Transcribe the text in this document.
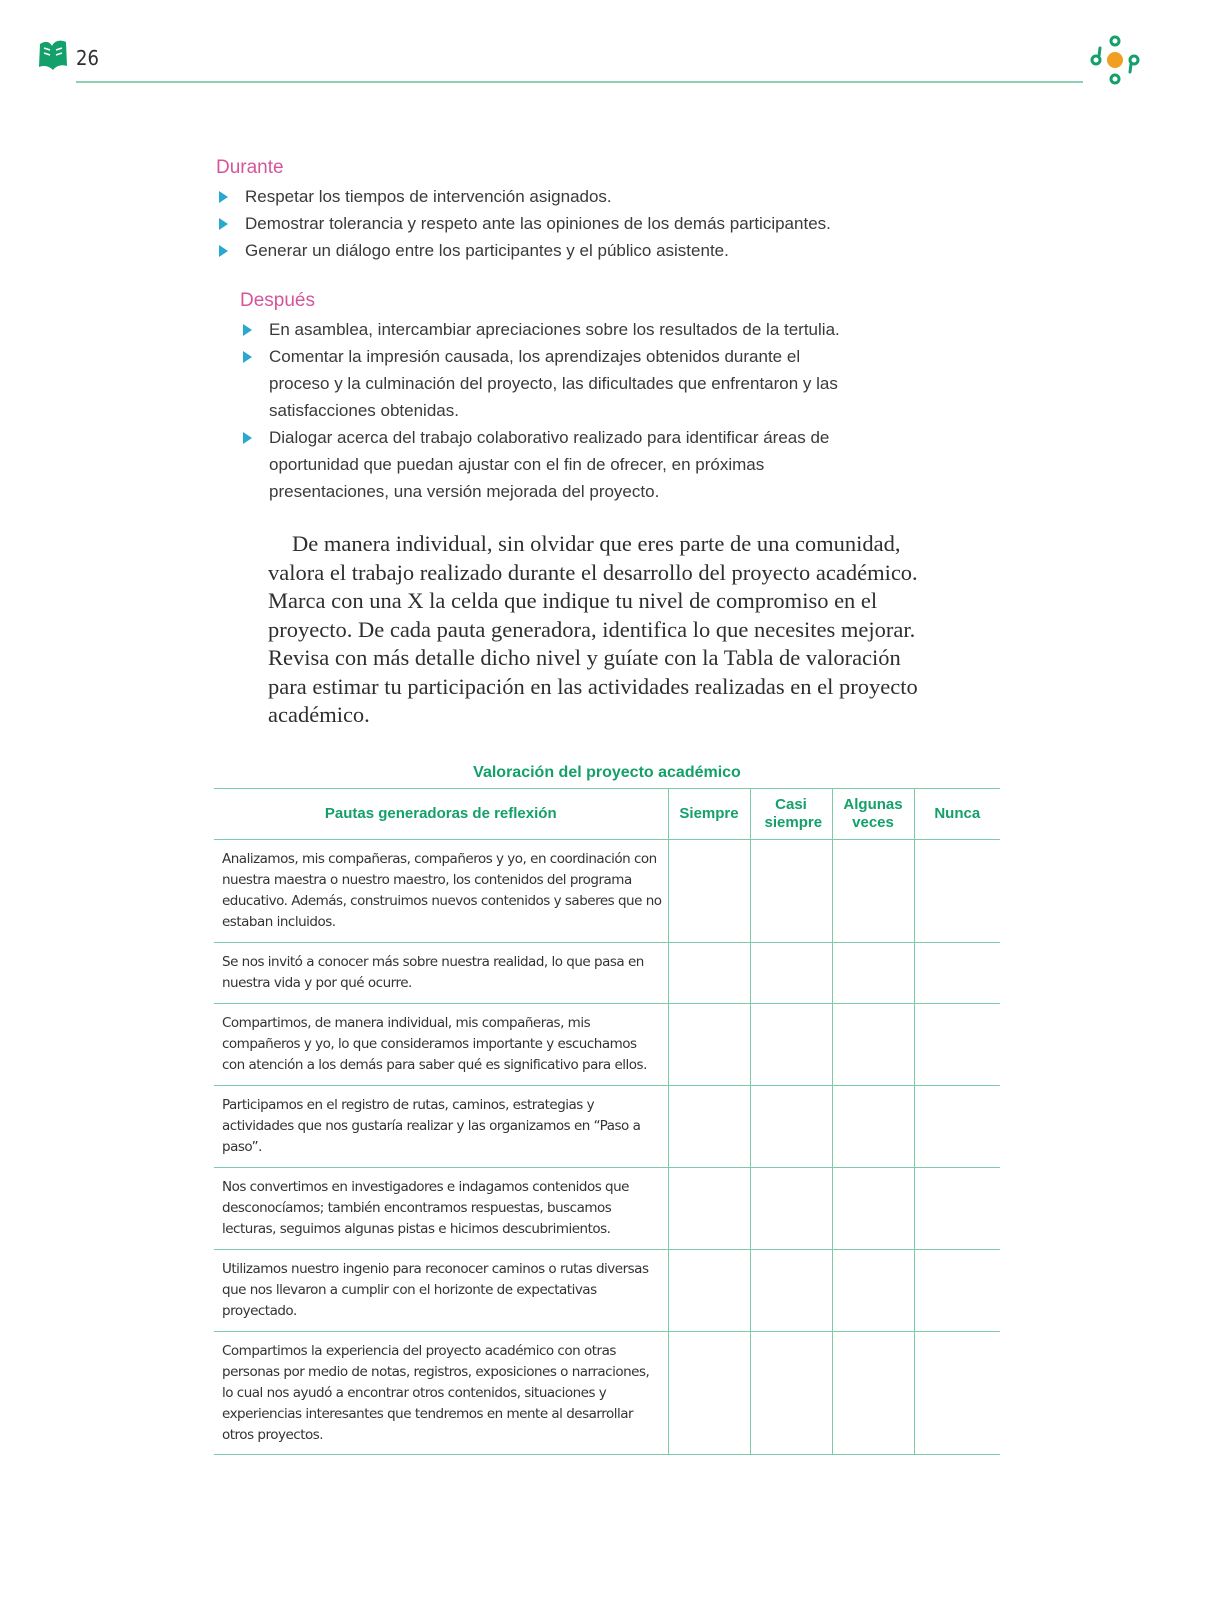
26
Durante
Respetar los tiempos de intervención asignados.
Demostrar tolerancia y respeto ante las opiniones de los demás participantes.
Generar un diálogo entre los participantes y el público asistente.
Después
En asamblea, intercambiar apreciaciones sobre los resultados de la tertulia.
Comentar la impresión causada, los aprendizajes obtenidos durante el proceso y la culminación del proyecto, las dificultades que enfrentaron y las satisfacciones obtenidas.
Dialogar acerca del trabajo colaborativo realizado para identificar áreas de oportunidad que puedan ajustar con el fin de ofrecer, en próximas presentaciones, una versión mejorada del proyecto.

De manera individual, sin olvidar que eres parte de una comunidad, valora el trabajo realizado durante el desarrollo del proyecto académico. Marca con una X la celda que indique tu nivel de compromiso en el proyecto. De cada pauta generadora, identifica lo que necesites mejorar. Revisa con más detalle dicho nivel y guíate con la Tabla de valoración para estimar tu participación en las actividades realizadas en el proyecto académico.

Valoración del proyecto académico
Pautas generadoras de reflexión	Siempre	Casi siempre	Algunas veces	Nunca
Analizamos, mis compañeras, compañeros y yo, en coordinación con nuestra maestra o nuestro maestro, los contenidos del programa educativo. Además, construimos nuevos contenidos y saberes que no estaban incluidos.				
Se nos invitó a conocer más sobre nuestra realidad, lo que pasa en nuestra vida y por qué ocurre.				
Compartimos, de manera individual, mis compañeras, mis compañeros y yo, lo que consideramos importante y escuchamos con atención a los demás para saber qué es significativo para ellos.				
Participamos en el registro de rutas, caminos, estrategias y actividades que nos gustaría realizar y las organizamos en “Paso a paso”.				
Nos convertimos en investigadores e indagamos contenidos que desconocíamos; también encontramos respuestas, buscamos lecturas, seguimos algunas pistas e hicimos descubrimientos.				
Utilizamos nuestro ingenio para reconocer caminos o rutas diversas que nos llevaron a cumplir con el horizonte de expectativas proyectado.				
Compartimos la experiencia del proyecto académico con otras personas por medio de notas, registros, exposiciones o narraciones, lo cual nos ayudó a encontrar otros contenidos, situaciones y experiencias interesantes que tendremos en mente al desarrollar otros proyectos.				
